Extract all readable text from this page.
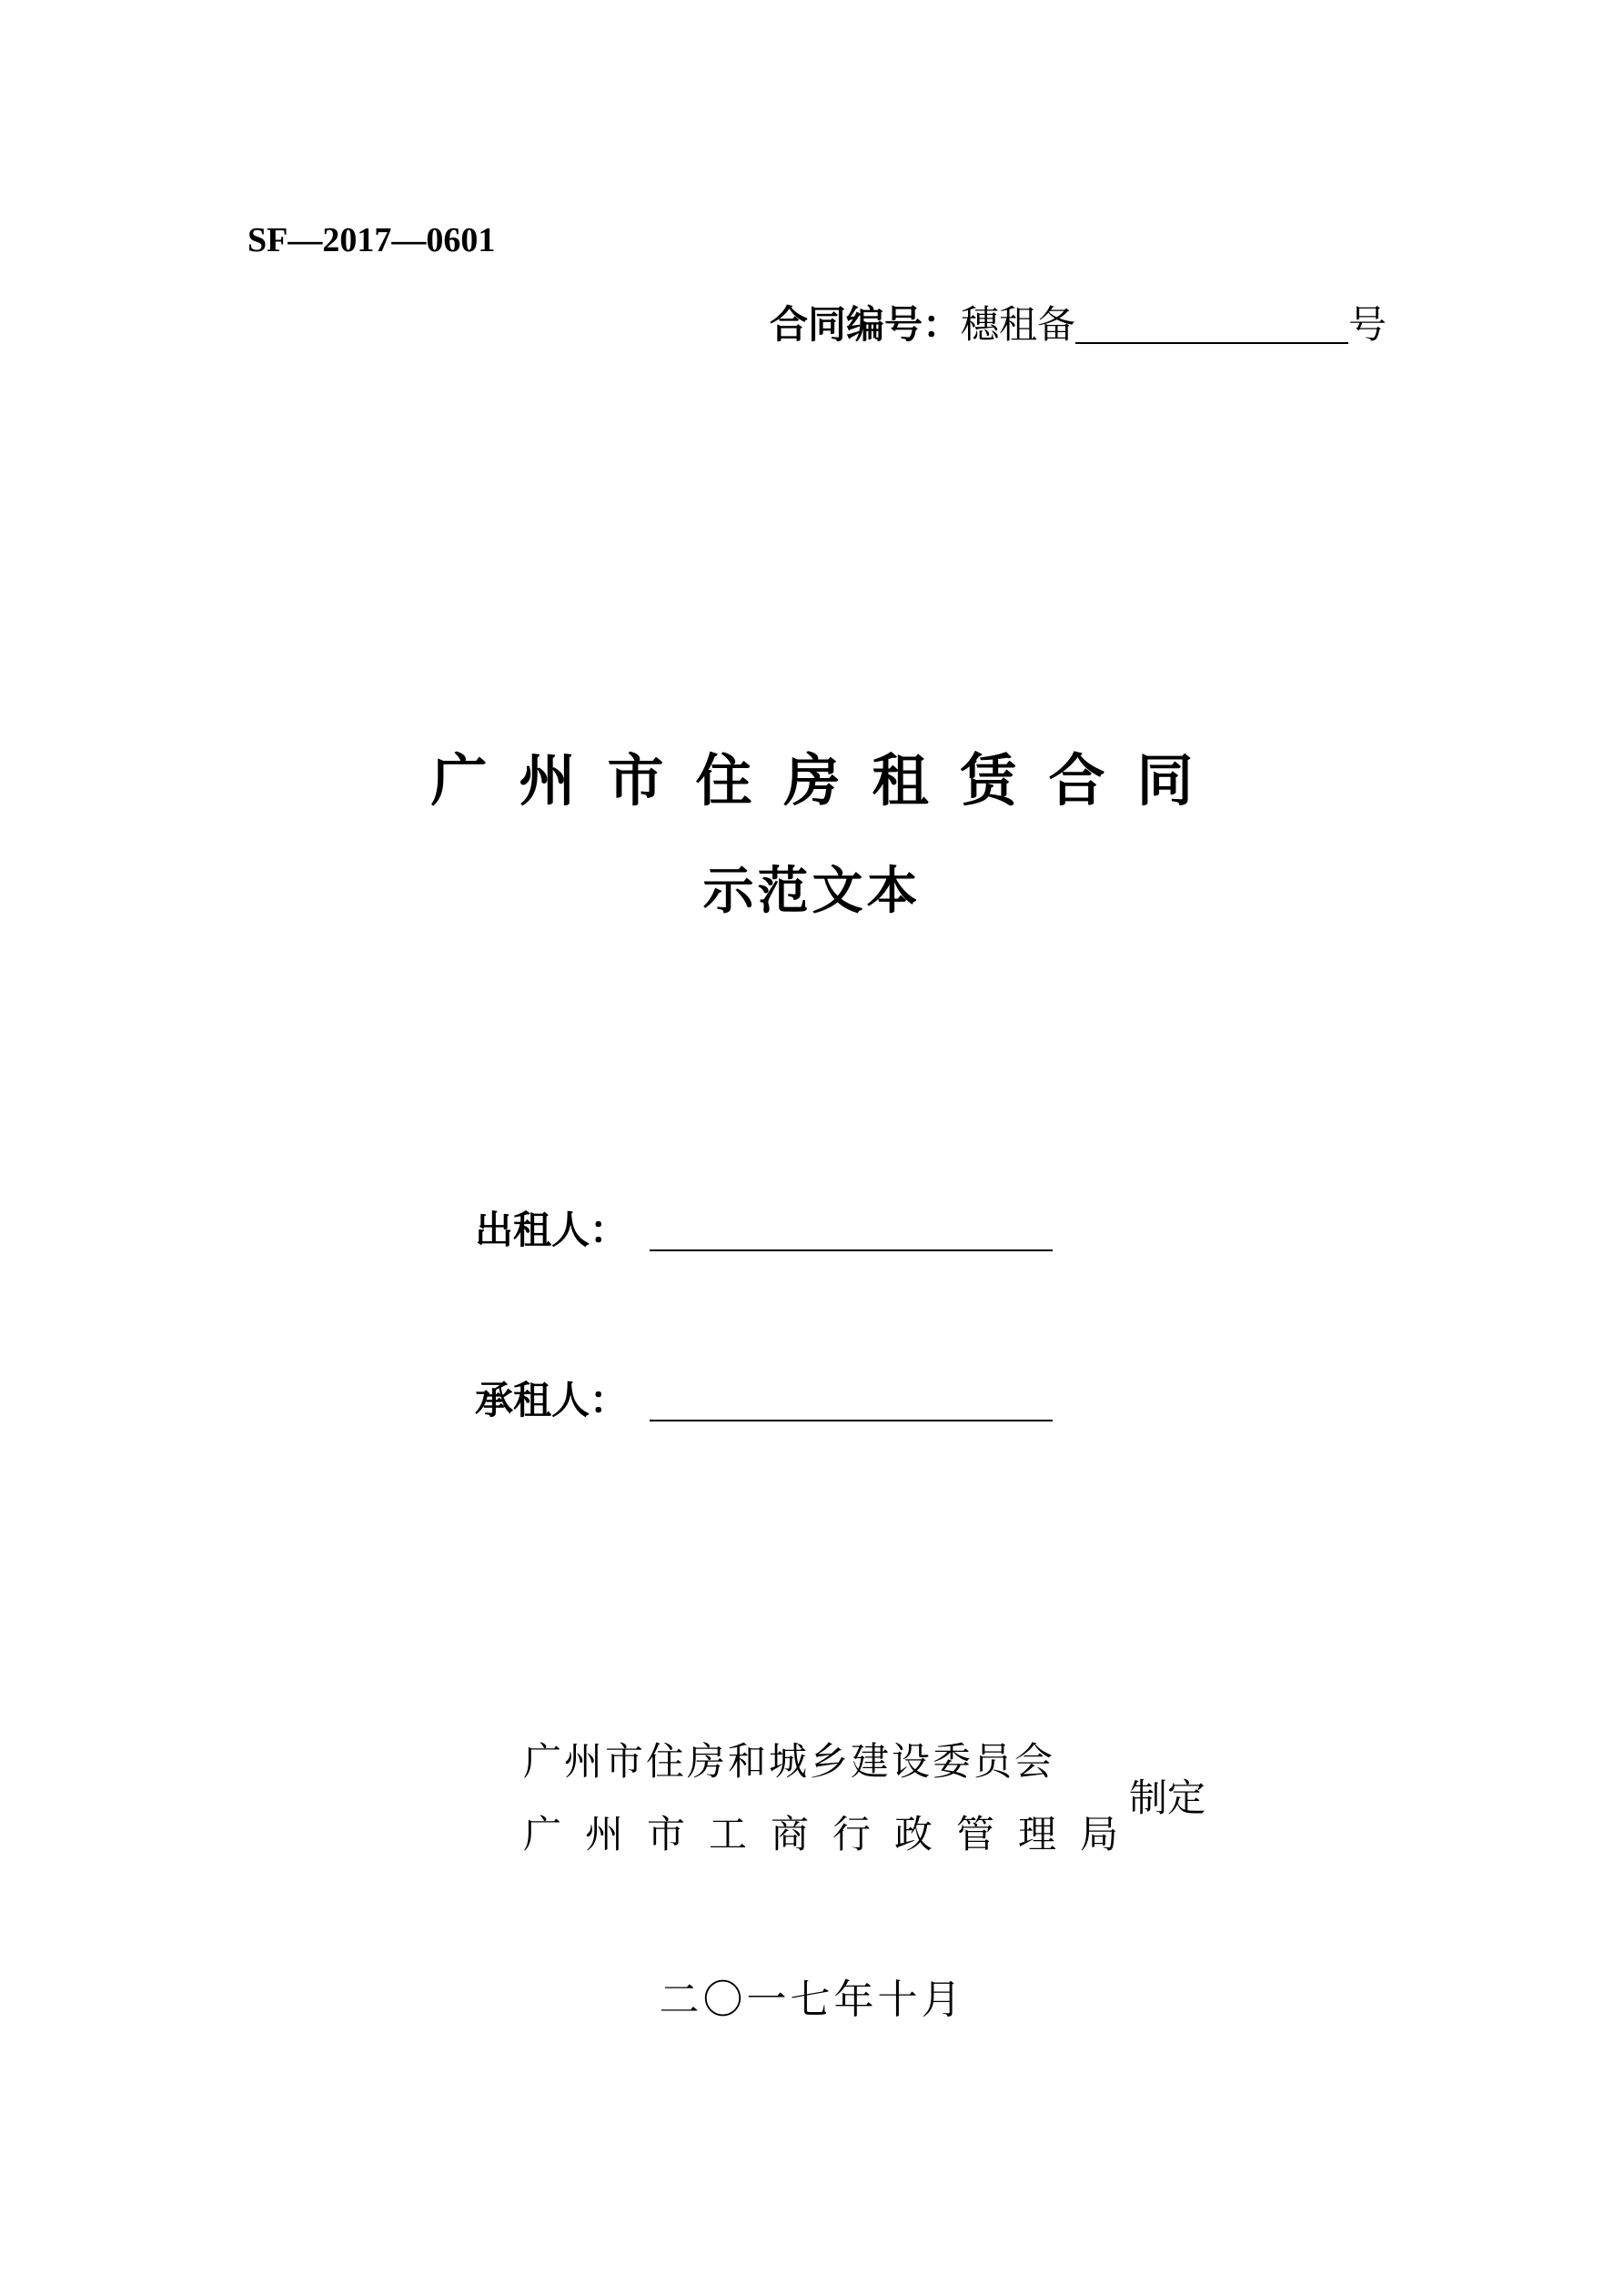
SF—2017—0601
合同编号： 穗租备	号
广州市住房租赁合同
示范文本
出租人：
承租人：
广州市住房和城乡建设委员会
广州市工商行政管理局
制定
二〇一七年十月
